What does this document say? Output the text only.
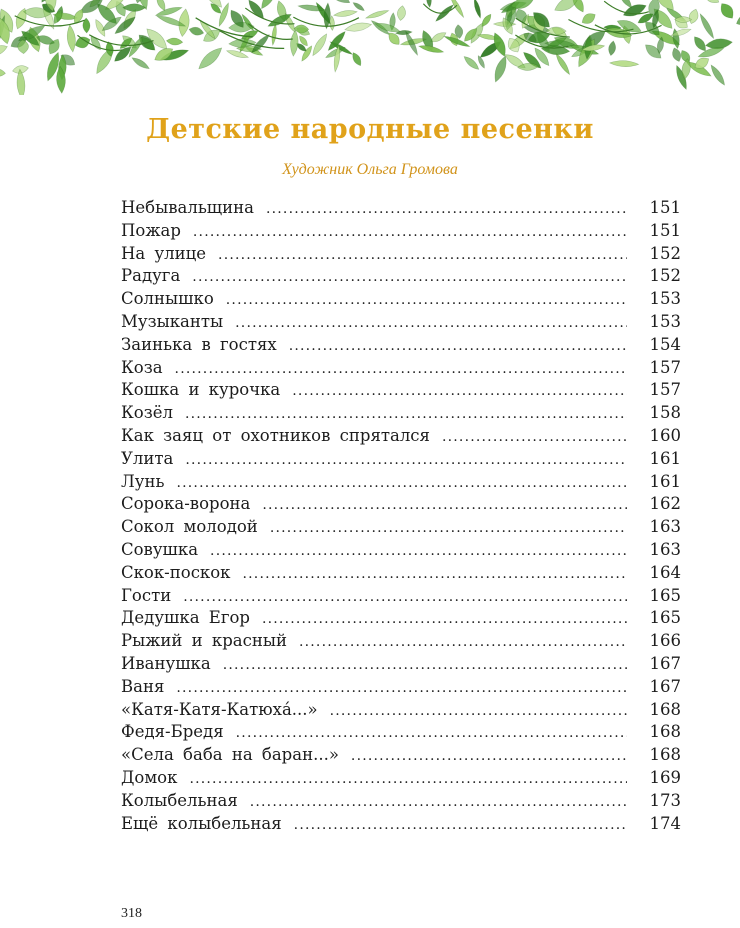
Детские народные песенки
Художник Ольга Громова
Небывальщина .....	151
Пожар .....	151
На улице .....	152
Радуга .....	152
Солнышко .....	153
Музыканты .....	153
Заинька в гостях .....	154
Коза .....	157
Кошка и курочка .....	157
Козёл .....	158
Как заяц от охотников спрятался .....	160
Улита .....	161
Лунь .....	161
Сорока-ворона .....	162
Сокол молодой .....	163
Совушка .....	163
Скок-поскок .....	164
Гости .....	165
Дедушка Егор .....	165
Рыжий и красный .....	166
Иванушка .....	167
Ваня .....	167
«Катя-Катя-Катюха́...» .....	168
Федя-Бредя .....	168
«Села баба на баран...» .....	168
Домок .....	169
Колыбельная .....	173
Ещё колыбельная .....	174
318
